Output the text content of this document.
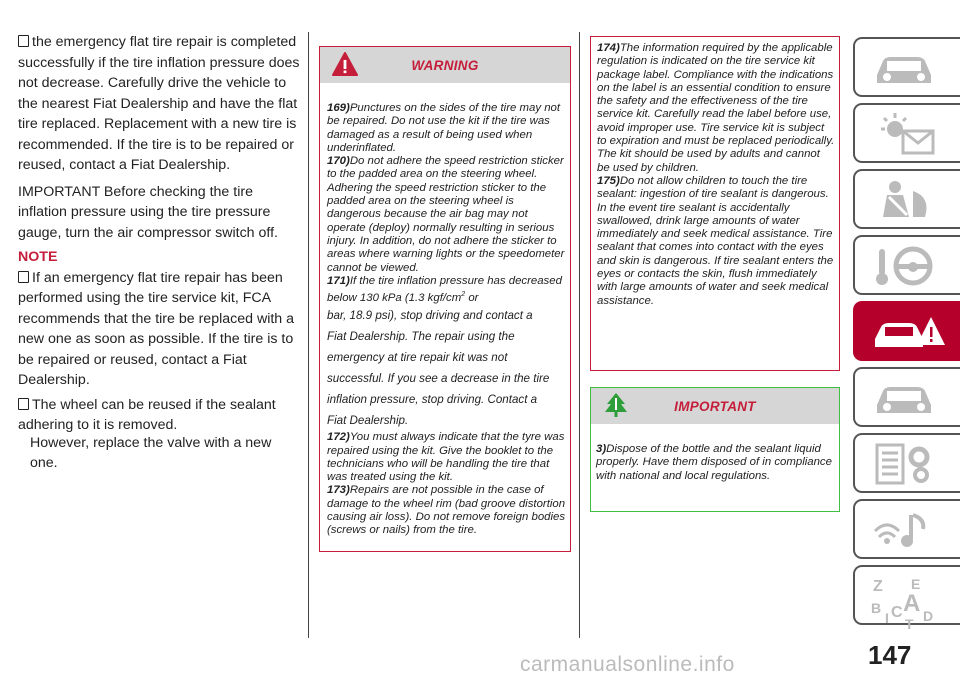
the emergency flat tire repair is completed successfully if the tire inflation pressure does not decrease. Carefully drive the vehicle to the nearest Fiat Dealership and have the flat tire replaced. Replacement with a new tire is recommended. If the tire is to be repaired or reused, contact a Fiat Dealership.

IMPORTANT Before checking the tire inflation pressure using the tire pressure gauge, turn the air compressor switch off.

NOTE

If an emergency flat tire repair has been performed using the tire service kit, FCA recommends that the tire be replaced with a new one as soon as possible. If the tire is to be repaired or reused, contact a Fiat Dealership.

The wheel can be reused if the sealant adhering to it is removed.

However, replace the valve with a new one.

WARNING

169)Punctures on the sides of the tire may not be repaired. Do not use the kit if the tire was damaged as a result of being used when underinflated.

170)Do not adhere the speed restriction sticker to the padded area on the steering wheel. Adhering the speed restriction sticker to the padded area on the steering wheel is dangerous because the air bag may not operate (deploy) normally resulting in serious injury. In addition, do not adhere the sticker to areas where warning lights or the speedometer cannot be viewed.

171)If the tire inflation pressure has decreased below 130 kPa (1.3 kgf/$cm^2$ or

bar, 18.9 psi), stop driving and contact a

Fiat Dealership. The repair using the

emergency at tire repair kit was not

successful. If you see a decrease in the tire

inflation pressure, stop driving. Contact a

Fiat Dealership.

172)You must always indicate that the tyre was repaired using the kit. Give the booklet to the technicians who will be handling the tire that was treated using the kit.

173)Repairs are not possible in the case of damage to the wheel rim (bad groove distortion causing air loss). Do not remove foreign bodies (screws or nails) from the tire.

174)The information required by the applicable regulation is indicated on the tire service kit package label. Compliance with the indications on the label is an essential condition to ensure the safety and the effectiveness of the tire service kit. Carefully read the label before use, avoid improper use. Tire service kit is subject to expiration and must be replaced periodically. The kit should be used by adults and cannot be used by children.

175)Do not allow children to touch the tire sealant: ingestion of tire sealant is dangerous. In the event tire sealant is accidentally swallowed, drink large amounts of water immediately and seek medical assistance. Tire sealant that comes into contact with the eyes and skin is dangerous. If tire sealant enters the eyes or contacts the skin, flush immediately with large amounts of water and seek medical assistance.

IMPORTANT

3)Dispose of the bottle and the sealant liquid properly. Have them disposed of in compliance with national and local regulations.

Z E
B A
C D
I T
147
carmanualsonline.info
